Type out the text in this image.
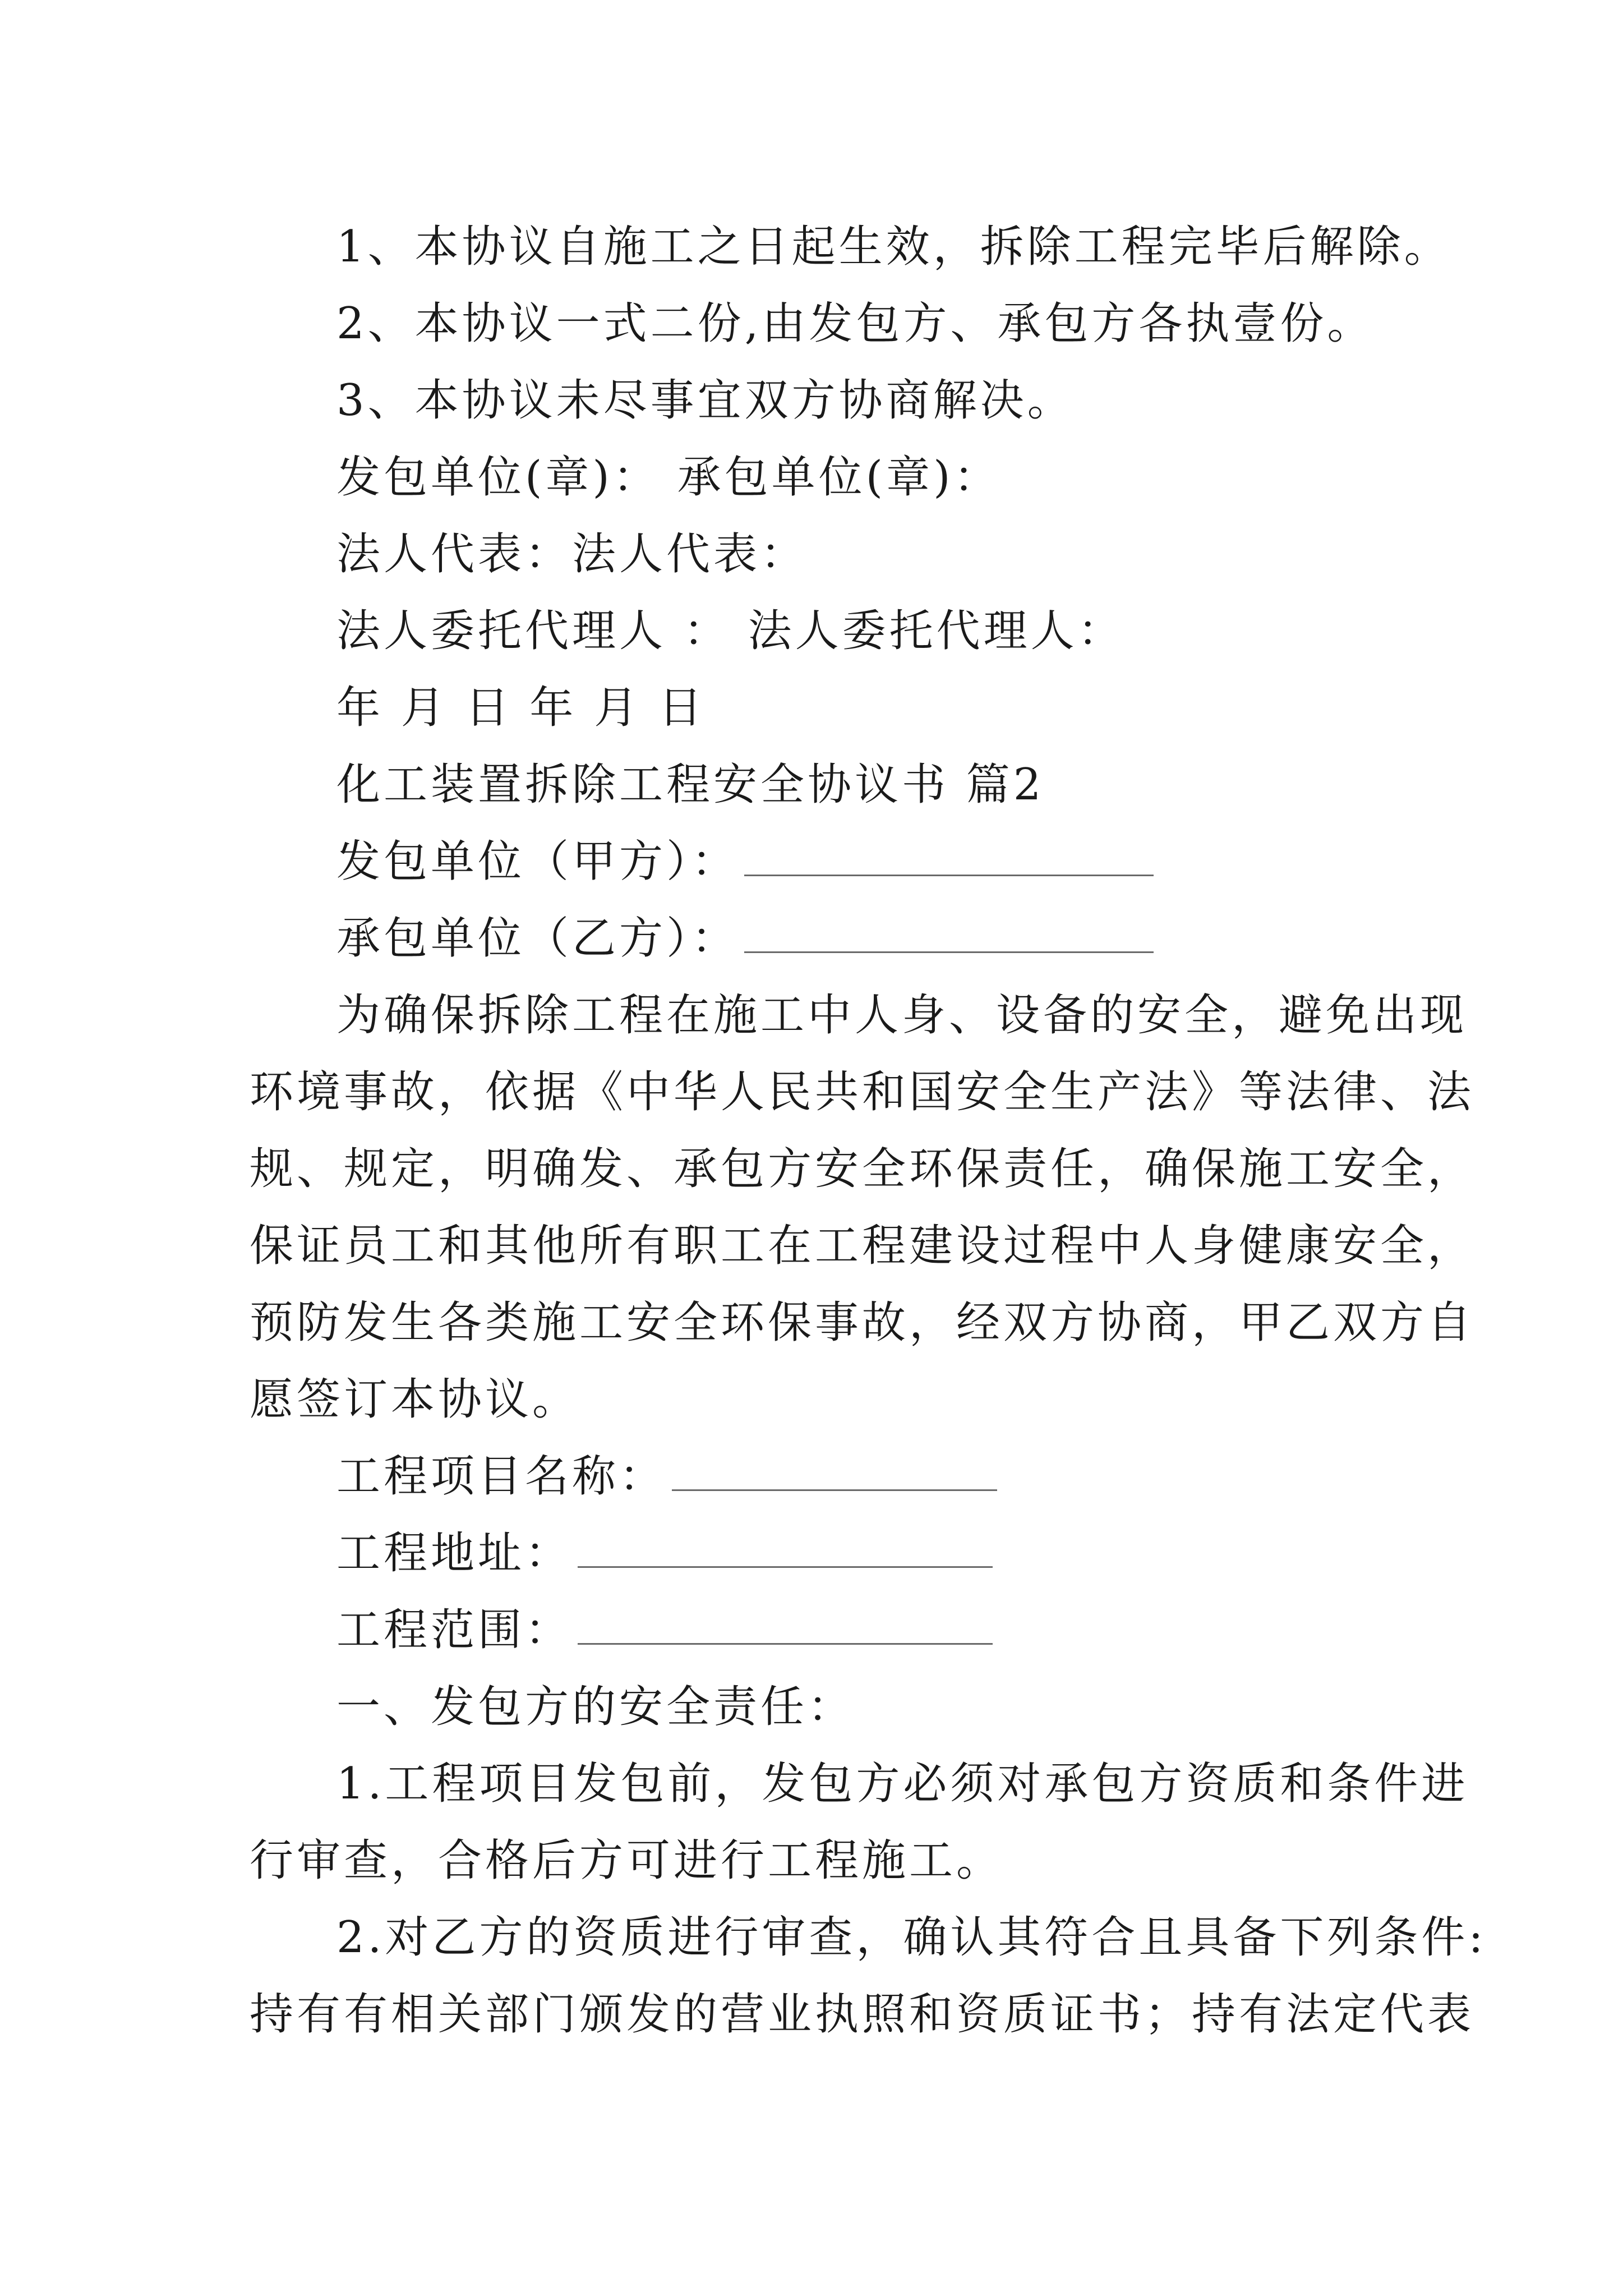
1、本协议自施工之日起生效，拆除工程完毕后解除。
2、本协议一式二份,由发包方、承包方各执壹份。
3、本协议未尽事宜双方协商解决。
发包单位(章)： 承包单位(章)：
法人代表：法人代表：
法人委托代理人 ： 法人委托代理人：
年 月 日 年 月 日
化工装置拆除工程安全协议书 篇2
发包单位（甲方）：
承包单位（乙方）：
为确保拆除工程在施工中人身、设备的安全，避免出现
环境事故，依据《中华人民共和国安全生产法》等法律、法
规、规定，明确发、承包方安全环保责任，确保施工安全，
保证员工和其他所有职工在工程建设过程中人身健康安全，
预防发生各类施工安全环保事故，经双方协商，甲乙双方自
愿签订本协议。
工程项目名称：
工程地址：
工程范围：
一、发包方的安全责任：
1.工程项目发包前，发包方必须对承包方资质和条件进
行审查，合格后方可进行工程施工。
2.对乙方的资质进行审查，确认其符合且具备下列条件:
持有有相关部门颁发的营业执照和资质证书；持有法定代表
